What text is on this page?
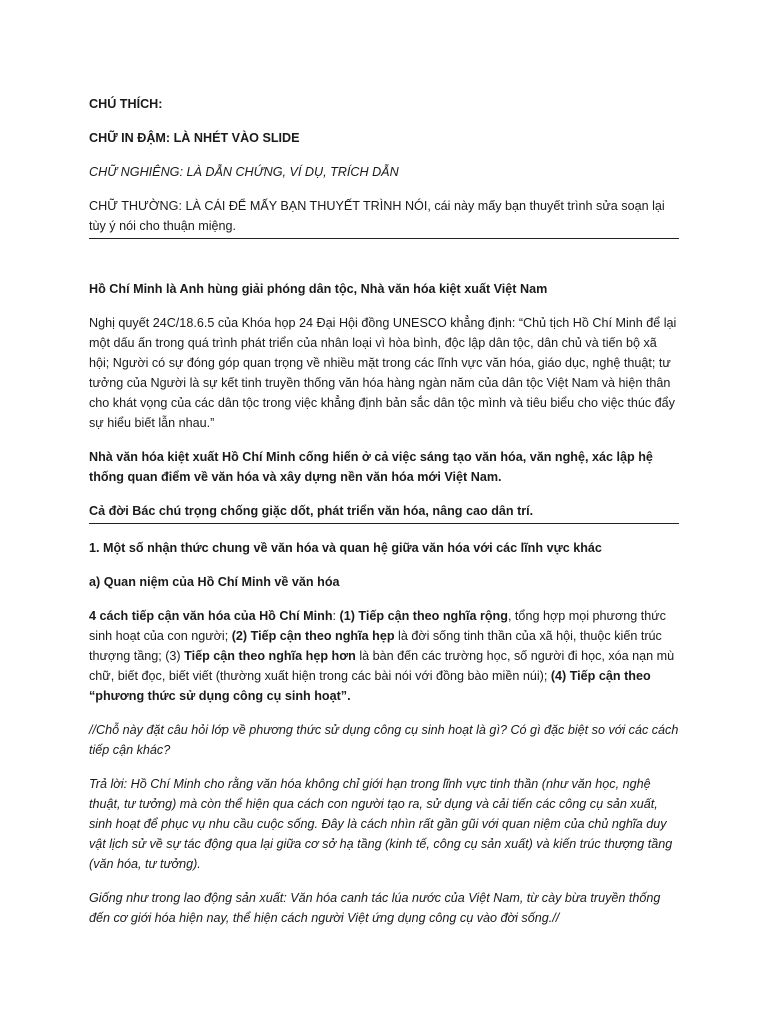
CHÚ THÍCH:

CHỮ IN ĐẬM: LÀ NHÉT VÀO SLIDE

CHỮ NGHIÊNG: LÀ DẪN CHỨNG, VÍ DỤ, TRÍCH DẪN

CHỮ THƯỜNG: LÀ CÁI ĐỂ MẤY BẠN THUYẾT TRÌNH NÓI, cái này mấy bạn thuyết trình sửa soạn lại tùy ý nói cho thuận miệng.

Hồ Chí Minh là Anh hùng giải phóng dân tộc, Nhà văn hóa kiệt xuất Việt Nam

Nghị quyết 24C/18.6.5 của Khóa họp 24 Đại Hội đồng UNESCO khẳng định: “Chủ tịch Hồ Chí Minh để lại một dấu ấn trong quá trình phát triển của nhân loại vì hòa bình, độc lập dân tộc, dân chủ và tiến bộ xã hội; Người có sự đóng góp quan trọng về nhiều mặt trong các lĩnh vực văn hóa, giáo dục, nghệ thuật; tư tưởng của Người là sự kết tinh truyền thống văn hóa hàng ngàn năm của dân tộc Việt Nam và hiện thân cho khát vọng của các dân tộc trong việc khẳng định bản sắc dân tộc mình và tiêu biểu cho việc thúc đẩy sự hiểu biết lẫn nhau.”

Nhà văn hóa kiệt xuất Hồ Chí Minh cống hiến ở cả việc sáng tạo văn hóa, văn nghệ, xác lập hệ thống quan điểm về văn hóa và xây dựng nền văn hóa mới Việt Nam.

Cả đời Bác chú trọng chống giặc dốt, phát triển văn hóa, nâng cao dân trí.

1. Một số nhận thức chung về văn hóa và quan hệ giữa văn hóa với các lĩnh vực khác

a) Quan niệm của Hồ Chí Minh về văn hóa

4 cách tiếp cận văn hóa của Hồ Chí Minh: (1) Tiếp cận theo nghĩa rộng, tổng hợp mọi phương thức sinh hoạt của con người; (2) Tiếp cận theo nghĩa hẹp là đời sống tinh thần của xã hội, thuộc kiến trúc thượng tầng; (3) Tiếp cận theo nghĩa hẹp hơn là bàn đến các trường học, số người đi học, xóa nạn mù chữ, biết đọc, biết viết (thường xuất hiện trong các bài nói với đồng bào miền núi); (4) Tiếp cận theo “phương thức sử dụng công cụ sinh hoạt”.

//Chỗ này đặt câu hỏi lớp về phương thức sử dụng công cụ sinh hoạt là gì? Có gì đặc biệt so với các cách tiếp cận khác?

Trả lời: Hồ Chí Minh cho rằng văn hóa không chỉ giới hạn trong lĩnh vực tinh thần (như văn học, nghệ thuật, tư tưởng) mà còn thể hiện qua cách con người tạo ra, sử dụng và cải tiến các công cụ sản xuất, sinh hoạt để phục vụ nhu cầu cuộc sống. Đây là cách nhìn rất gần gũi với quan niệm của chủ nghĩa duy vật lịch sử về sự tác động qua lại giữa cơ sở hạ tầng (kinh tế, công cụ sản xuất) và kiến trúc thượng tầng (văn hóa, tư tưởng).

Giống như trong lao động sản xuất: Văn hóa canh tác lúa nước của Việt Nam, từ cày bừa truyền thống đến cơ giới hóa hiện nay, thể hiện cách người Việt ứng dụng công cụ vào đời sống.//
